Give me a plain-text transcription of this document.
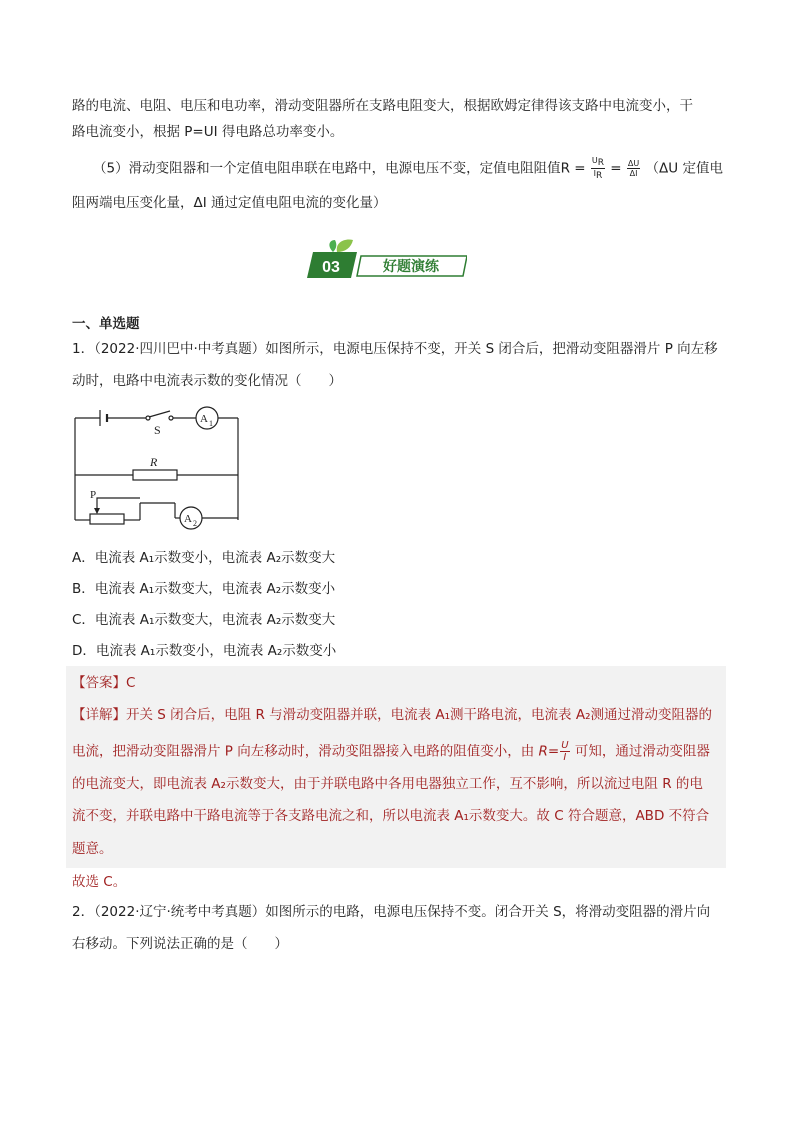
路的电流、电阻、电压和电功率，滑动变阻器所在支路电阻变大，根据欧姆定律得该支路中电流变小，干
路电流变小，根据 P=UI 得电路总功率变小。
（5）滑动变阻器和一个定值电阻串联在电路中，电源电压不变，定值电阻阻值$R = \frac{U_R}{I_R} = \frac{\Delta U}{\Delta I} (\Delta U$ 定值电
阻两端电压变化量，ΔI 通过定值电阻电流的变化量）
03	好题演练
一、单选题
1．（2022·四川巴中·中考真题）如图所示，电源电压保持不变，开关 S 闭合后，把滑动变阻器滑片 P 向左移
动时，电路中电流表示数的变化情况（　　）
S
R
P
A 1
A 2
A．电流表 A₁示数变小，电流表 A₂示数变大
B．电流表 A₁示数变大，电流表 A₂示数变小
C．电流表 A₁示数变大，电流表 A₂示数变大
D．电流表 A₁示数变小，电流表 A₂示数变小
【答案】C
【详解】开关 S 闭合后，电阻 R 与滑动变阻器并联，电流表 A₁测干路电流，电流表 A₂测通过滑动变阻器的
电流，把滑动变阻器滑片 P 向左移动时，滑动变阻器接入电路的阻值变小，由 $R= \frac{U}{I}$ 可知，通过滑动变阻器
的电流变大，即电流表 A₂示数变大，由于并联电路中各用电器独立工作，互不影响，所以流过电阻 R 的电
流不变，并联电路中干路电流等于各支路电流之和，所以电流表 A₁示数变大。故 C 符合题意，ABD 不符合
题意。
故选 C。
2．（2022·辽宁·统考中考真题）如图所示的电路，电源电压保持不变。闭合开关 S，将滑动变阻器的滑片向
右移动。下列说法正确的是（　　）
